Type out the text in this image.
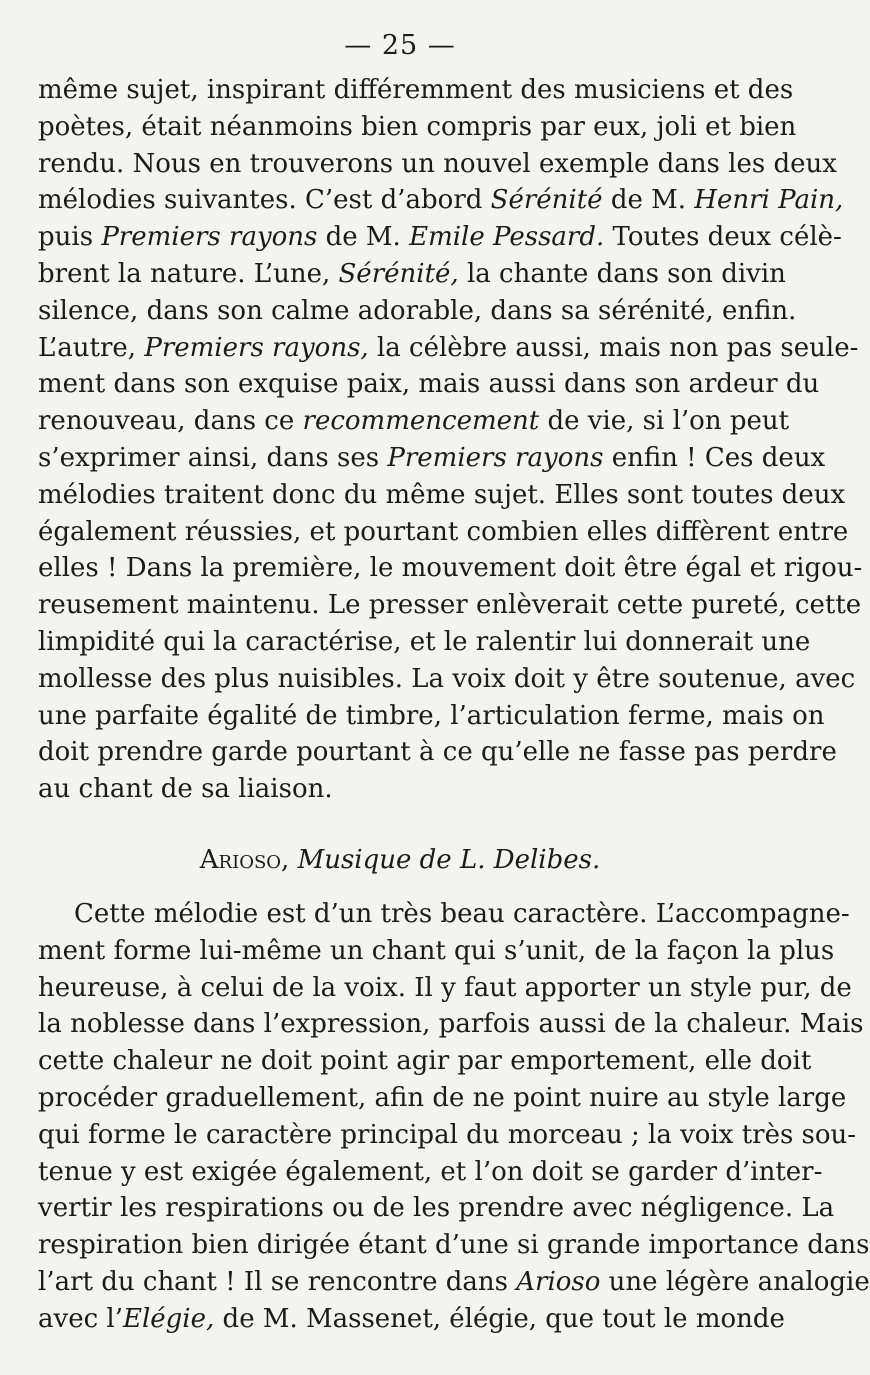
— 25 —
même sujet, inspirant différemment des musiciens et des
poètes, était néanmoins bien compris par eux, joli et bien
rendu. Nous en trouverons un nouvel exemple dans les deux
mélodies suivantes. C’est d’abord Sérénité de M. Henri Pain,
puis Premiers rayons de M. Emile Pessard. Toutes deux célè-
brent la nature. L’une, Sérénité, la chante dans son divin
silence, dans son calme adorable, dans sa sérénité, enfin.
L’autre, Premiers rayons, la célèbre aussi, mais non pas seule-
ment dans son exquise paix, mais aussi dans son ardeur du
renouveau, dans ce recommencement de vie, si l’on peut
s’exprimer ainsi, dans ses Premiers rayons enfin ! Ces deux
mélodies traitent donc du même sujet. Elles sont toutes deux
également réussies, et pourtant combien elles diffèrent entre
elles ! Dans la première, le mouvement doit être égal et rigou-
reusement maintenu. Le presser enlèverait cette pureté, cette
limpidité qui la caractérise, et le ralentir lui donnerait une
mollesse des plus nuisibles. La voix doit y être soutenue, avec
une parfaite égalité de timbre, l’articulation ferme, mais on
doit prendre garde pourtant à ce qu’elle ne fasse pas perdre
au chant de sa liaison.
Arioso, Musique de L. Delibes.
Cette mélodie est d’un très beau caractère. L’accompagne-
ment forme lui-même un chant qui s’unit, de la façon la plus
heureuse, à celui de la voix. Il y faut apporter un style pur, de
la noblesse dans l’expression, parfois aussi de la chaleur. Mais
cette chaleur ne doit point agir par emportement, elle doit
procéder graduellement, afin de ne point nuire au style large
qui forme le caractère principal du morceau ; la voix très sou-
tenue y est exigée également, et l’on doit se garder d’inter-
vertir les respirations ou de les prendre avec négligence. La
respiration bien dirigée étant d’une si grande importance dans
l’art du chant ! Il se rencontre dans Arioso une légère analogie
avec l’Elégie, de M. Massenet, élégie, que tout le monde
